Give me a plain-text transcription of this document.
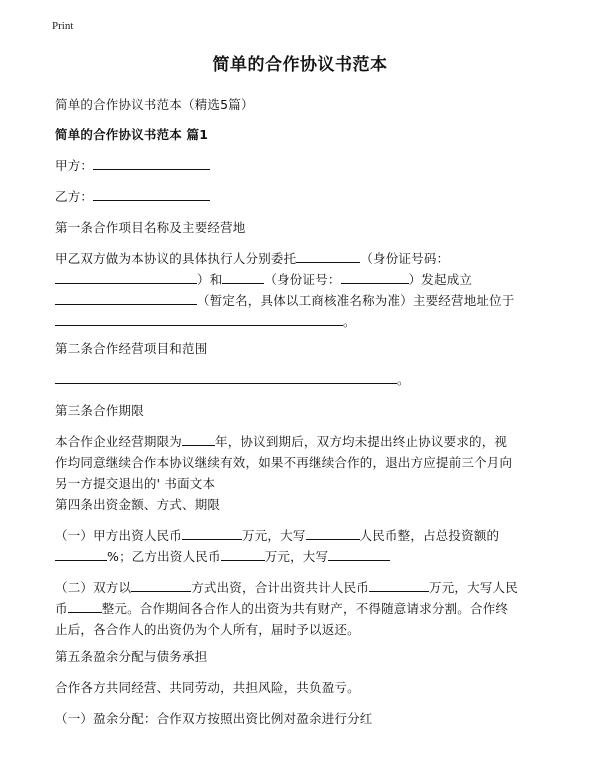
Print
简单的合作协议书范本
简单的合作协议书范本（精选5篇）
简单的合作协议书范本 篇1
甲方：
乙方：
第一条合作项目名称及主要经营地
甲乙双方做为本协议的具体执行人分别委托	（身份证号码：
）和	（身份证号：	）发起成立
（暂定名，具体以工商核准名称为准）主要经营地址位于
。
第二条合作经营项目和范围
。
第三条合作期限
本合作企业经营期限为	年，协议到期后，双方均未提出终止协议要求的，视
作均同意继续合作本协议继续有效，如果不再继续合作的，退出方应提前三个月向
另一方提交退出的' 书面文本
第四条出资金额、方式、期限
（一）甲方出资人民币	万元，大写	人民币整，占总投资额的
%；乙方出资人民币	万元，大写
（二）双方以	方式出资，合计出资共计人民币	万元，大写人民
币	整元。合作期间各合作人的出资为共有财产，不得随意请求分割。合作终
止后，各合作人的出资仍为个人所有，届时予以返还。
第五条盈余分配与债务承担
合作各方共同经营、共同劳动，共担风险，共负盈亏。
（一）盈余分配：合作双方按照出资比例对盈余进行分红
